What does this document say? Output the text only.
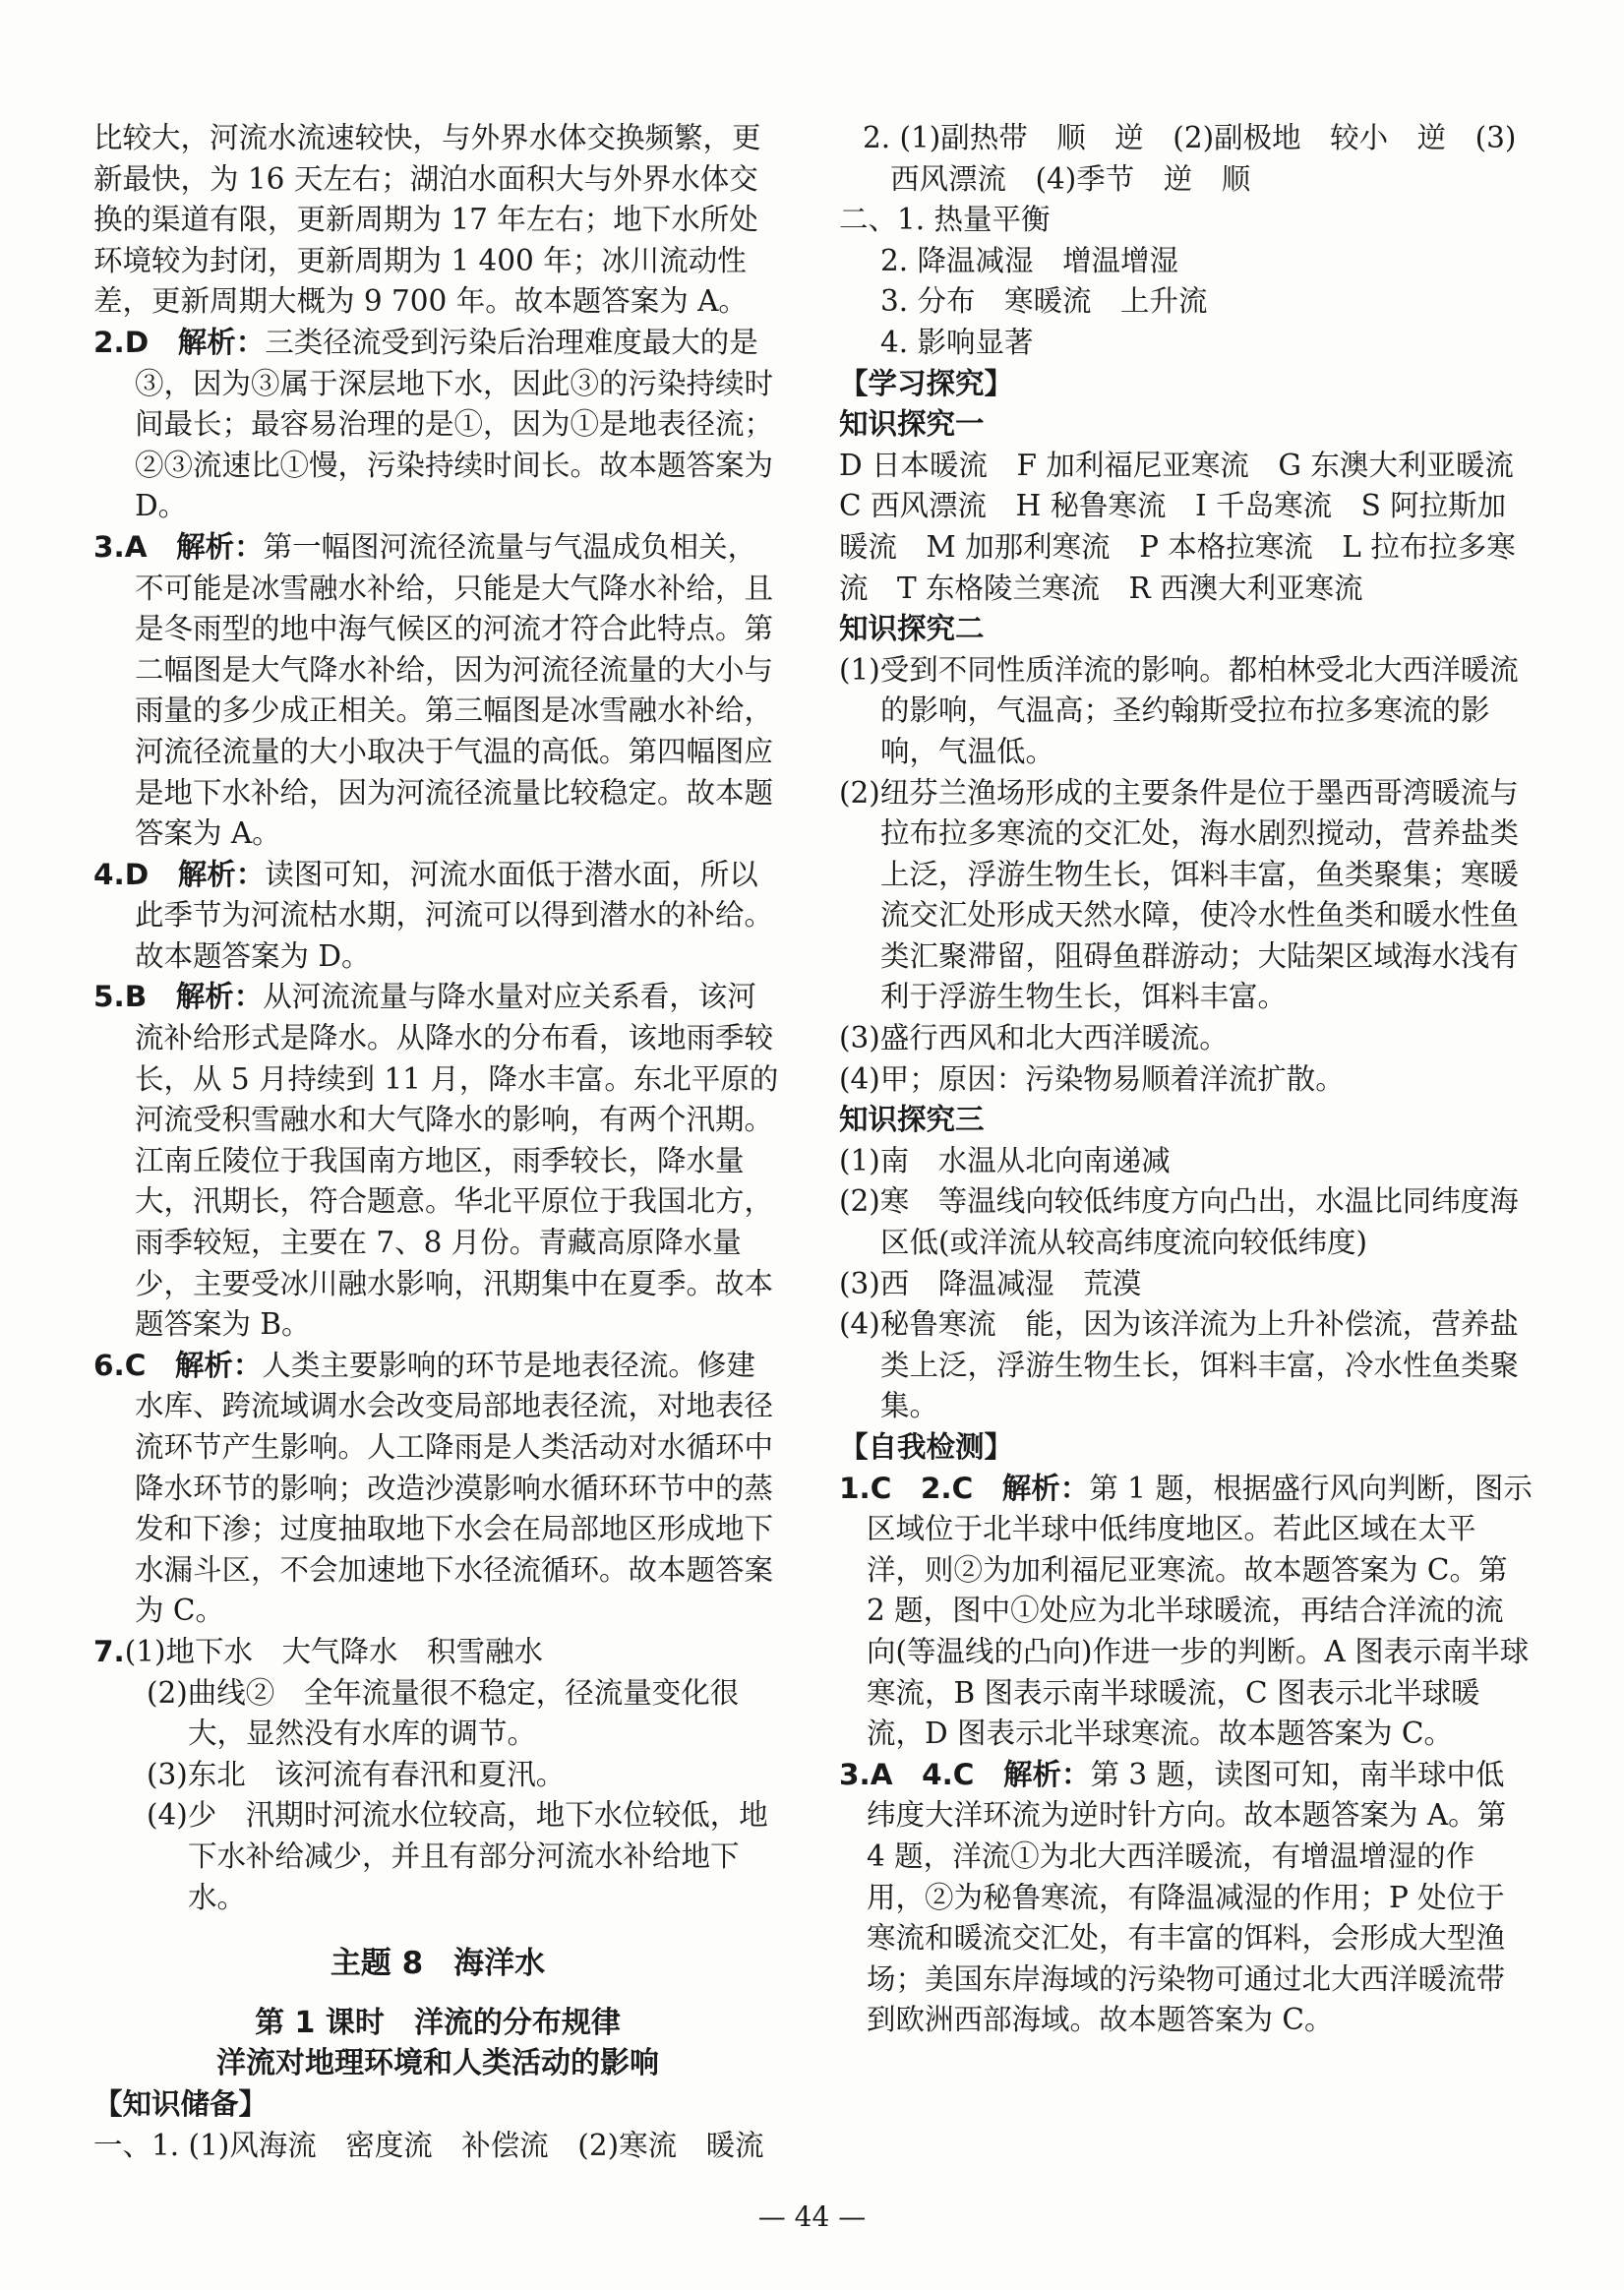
比较大，河流水流速较快，与外界水体交换频繁，更新最快，为 16 天左右；湖泊水面积大与外界水体交换的渠道有限，更新周期为 17 年左右；地下水所处环境较为封闭，更新周期为 1 400 年；冰川流动性差，更新周期大概为 9 700 年。故本题答案为 A。

2.D　 解析：三类径流受到污染后治理难度最大的是③，因为③属于深层地下水，因此③的污染持续时间最长；最容易治理的是①，因为①是地表径流；②③流速比①慢，污染持续时间长。故本题答案为 D。

3.A　 解析：第一幅图河流径流量与气温成负相关，不可能是冰雪融水补给，只能是大气降水补给，且是冬雨型的地中海气候区的河流才符合此特点。第二幅图是大气降水补给，因为河流径流量的大小与雨量的多少成正相关。第三幅图是冰雪融水补给，河流径流量的大小取决于气温的高低。第四幅图应是地下水补给，因为河流径流量比较稳定。故本题答案为 A。

4.D　 解析：读图可知，河流水面低于潜水面，所以此季节为河流枯水期，河流可以得到潜水的补给。故本题答案为 D。

5.B　 解析：从河流流量与降水量对应关系看，该河流补给形式是降水。从降水的分布看，该地雨季较长，从 5 月持续到 11 月，降水丰富。东北平原的河流受积雪融水和大气降水的影响，有两个汛期。江南丘陵位于我国南方地区，雨季较长，降水量大，汛期长，符合题意。华北平原位于我国北方，雨季较短，主要在 7、8 月份。青藏高原降水量少，主要受冰川融水影响，汛期集中在夏季。故本题答案为 B。

6.C　 解析：人类主要影响的环节是地表径流。修建水库、跨流域调水会改变局部地表径流，对地表径流环节产生影响。人工降雨是人类活动对水循环中降水环节的影响；改造沙漠影响水循环环节中的蒸发和下渗；过度抽取地下水会在局部地区形成地下水漏斗区，不会加速地下水径流循环。故本题答案为 C。

7.(1)地下水　大气降水　积雪融水

(2)曲线②　全年流量很不稳定，径流量变化很大，显然没有水库的调节。

(3)东北　该河流有春汛和夏汛。

(4)少　汛期时河流水位较高，地下水位较低，地下水补给减少，并且有部分河流水补给地下水。

主题 8　海洋水

第 1 课时　洋流的分布规律

洋流对地理环境和人类活动的影响

【知识储备】

一、1. (1)风海流　密度流　补偿流　(2)寒流　暖流

2. (1)副热带　顺　逆　(2)副极地　较小　逆　(3)西风漂流　(4)季节　逆　顺

二、1. 热量平衡

2. 降温减湿　增温增湿

3. 分布　寒暖流　上升流

4. 影响显著

【学习探究】

知识探究一

D 日本暖流　F 加利福尼亚寒流　G 东澳大利亚暖流　C 西风漂流　H 秘鲁寒流　I 千岛寒流　S 阿拉斯加暖流　M 加那利寒流　P 本格拉寒流　L 拉布拉多寒流　T 东格陵兰寒流　R 西澳大利亚寒流

知识探究二

(1)受到不同性质洋流的影响。都柏林受北大西洋暖流的影响，气温高；圣约翰斯受拉布拉多寒流的影响，气温低。

(2)纽芬兰渔场形成的主要条件是位于墨西哥湾暖流与拉布拉多寒流的交汇处，海水剧烈搅动，营养盐类上泛，浮游生物生长，饵料丰富，鱼类聚集；寒暖流交汇处形成天然水障，使冷水性鱼类和暖水性鱼类汇聚滞留，阻碍鱼群游动；大陆架区域海水浅有利于浮游生物生长，饵料丰富。

(3)盛行西风和北大西洋暖流。

(4)甲；原因：污染物易顺着洋流扩散。

知识探究三

(1)南　水温从北向南递减

(2)寒　等温线向较低纬度方向凸出，水温比同纬度海区低(或洋流从较高纬度流向较低纬度)

(3)西　降温减湿　荒漠

(4)秘鲁寒流　能，因为该洋流为上升补偿流，营养盐类上泛，浮游生物生长，饵料丰富，冷水性鱼类聚集。

【自我检测】

1.C　2.C　 解析：第 1 题，根据盛行风向判断，图示区域位于北半球中低纬度地区。若此区域在太平洋，则②为加利福尼亚寒流。故本题答案为 C。第 2 题，图中①处应为北半球暖流，再结合洋流的流向(等温线的凸向)作进一步的判断。A 图表示南半球寒流，B 图表示南半球暖流，C 图表示北半球暖流，D 图表示北半球寒流。故本题答案为 C。

3.A　4.C　 解析：第 3 题，读图可知，南半球中低纬度大洋环流为逆时针方向。故本题答案为 A。第 4 题，洋流①为北大西洋暖流，有增温增湿的作用，②为秘鲁寒流，有降温减湿的作用；P 处位于寒流和暖流交汇处，有丰富的饵料，会形成大型渔场；美国东岸海域的污染物可通过北大西洋暖流带到欧洲西部海域。故本题答案为 C。

— 44 —
